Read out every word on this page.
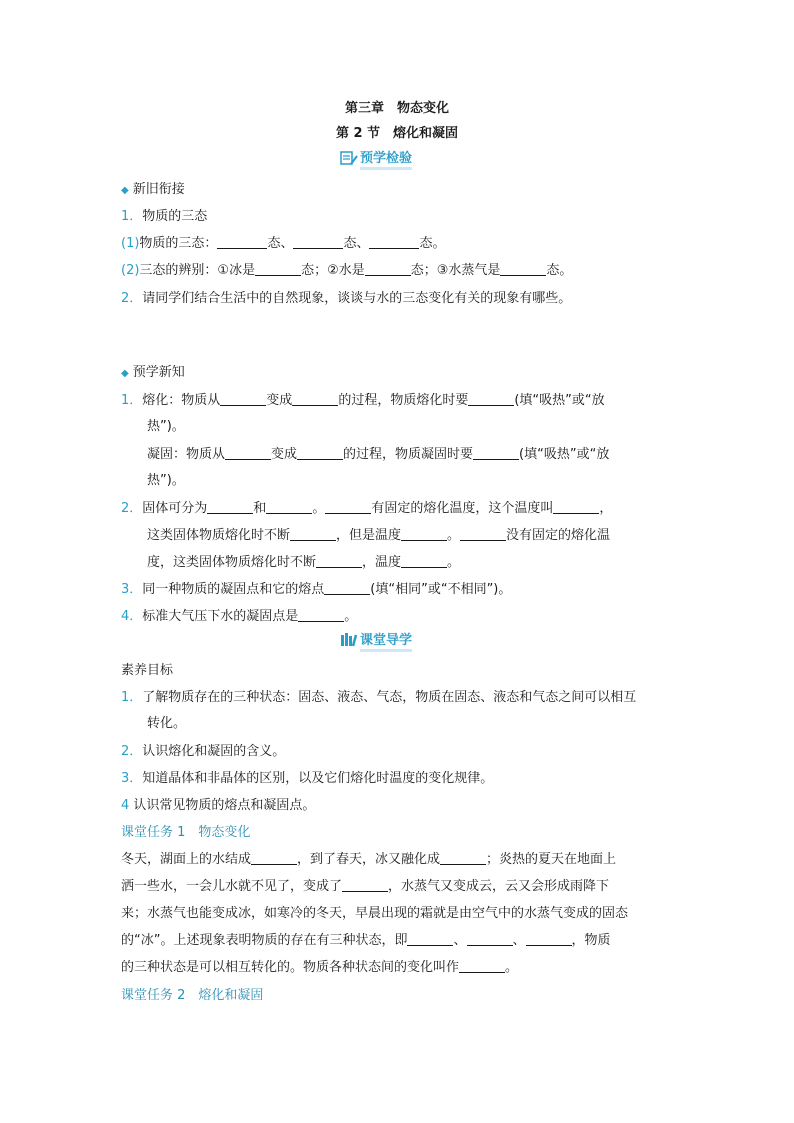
第三章　物态变化
第 2 节　熔化和凝固
预学检验
◆ 新旧衔接
1．物质的三态
(1)物质的三态：	态、	态、	态。
(2)三态的辨别：①冰是	态；②水是	态；③水蒸气是	态。
2．请同学们结合生活中的自然现象，谈谈与水的三态变化有关的现象有哪些。
◆ 预学新知
1．熔化：物质从	变成	的过程，物质熔化时要	(填“吸热”或“放
热”)。
凝固：物质从	变成	的过程，物质凝固时要	(填“吸热”或“放
热”)。
2．固体可分为	和	。	有固定的熔化温度，这个温度叫	，
这类固体物质熔化时不断	，但是温度	。	没有固定的熔化温
度，这类固体物质熔化时不断	，温度	。
3．同一种物质的凝固点和它的熔点	(填“相同”或“不相同”)。
4．标准大气压下水的凝固点是	。
课堂导学
素养目标
1．了解物质存在的三种状态：固态、液态、气态，物质在固态、液态和气态之间可以相互
转化。
2．认识熔化和凝固的含义。
3．知道晶体和非晶体的区别，以及它们熔化时温度的变化规律。
4 认识常见物质的熔点和凝固点。
课堂任务 1　物态变化
冬天，湖面上的水结成	，到了春天，冰又融化成	；炎热的夏天在地面上
洒一些水，一会儿水就不见了，变成了	，水蒸气又变成云，云又会形成雨降下
来；水蒸气也能变成冰，如寒冷的冬天，早晨出现的霜就是由空气中的水蒸气变成的固态
的“冰”。上述现象表明物质的存在有三种状态，即	、	、	，物质
的三种状态是可以相互转化的。物质各种状态间的变化叫作	。
课堂任务 2　熔化和凝固
